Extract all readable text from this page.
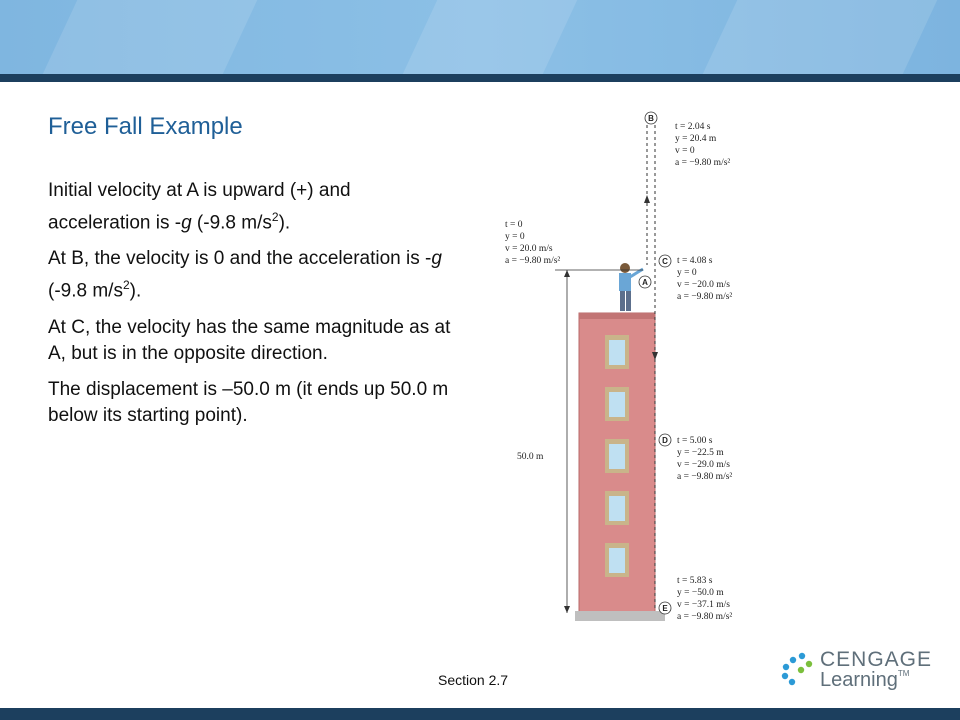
Free Fall Example

Initial velocity at A is upward (+) and acceleration is -g (-9.8 $m/s^2$).

At B, the velocity is 0 and the acceleration is -g (-9.8 $m/s^2$).

At C, the velocity has the same magnitude as at A, but is in the opposite direction.

The displacement is –50.0 m (it ends up 50.0 m below its starting point).

50.0 m
B
C
A
D
E
t = 2.04 s
y = 20.4 m
v = 0
a = −9.80 m/s²
t = 0
y = 0
v = 20.0 m/s
a = −9.80 m/s²	t = 4.08 s
y = 0
v = −20.0 m/s
a = −9.80 m/s²
t = 5.00 s
y = −22.5 m
v = −29.0 m/s
a = −9.80 m/s²
t = 5.83 s
y = −50.0 m
v = −37.1 m/s
a = −9.80 m/s²
Section 2.7
CENGAGE
Learning™
